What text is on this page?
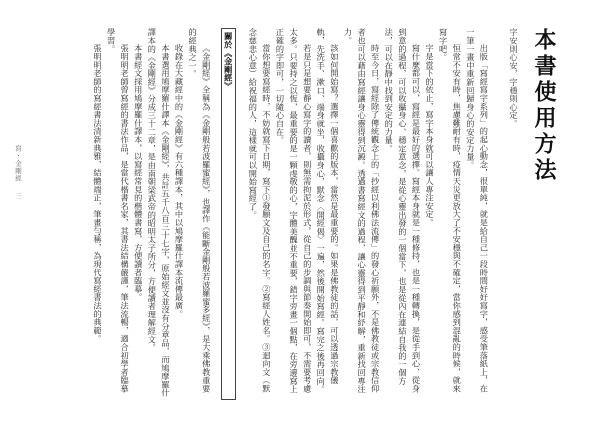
本書使用方法

字安則心安，字穩則心定。

出版「寫經寫字系列」的起心動念，很單純，就是給自己一段時間好好寫字，感受筆落紙上，在一筆一畫中重新回歸身心的安定力量。

恒常不安有時，焦慮難耐有時，疫情天災更放大了不安穩與不確定，當你感到混亂的時候，就來寫字吧。

字是當下的依止，寫字本身就可以讓人專注安定。

寫什麼都可以，寫經是最好的選擇。寫經本身就是一種修持，也是一種轉換，是從手到心、從身到意的過程，可以收攝身心、穩定意念，是從心靈出發的一個當下，也是從內在連結自我的一個方法，可以在靜中找到安定的力量。

時至今日，寫經除了傳統觀念上的「抄經以利佛法流傳」的發心祈願外，不是佛教徒或宗教信仰者也可以藉由寫經讓身心靈得到沉澱。透過書寫經文的過程，讓心靈得到平靜和紓解，重新找回專注力。

該如何開始寫？選擇一個喜歡的版本，當然是最重要的。如果是佛教徒的話，可以透過宗教儀軌，先洗手、漱口、端身就坐，收攝身心，默念〈開經偈〉一遍，然後開始寫經。寫完之後再回向。

若是只是想要靜心寫字的讀者，則無需拘泥於形式，從自己的步調與節奏開始即可，不需要考慮太多。只要持之以恆，最重要的是一顆虔敬的心，字體美醜並不重要，錯字旁畫一個點，在旁邊寫上正確的字即可，一切隨心自在。

當你想要寫經時，不妨就寫下日期，寫下①發願文及自己的名字。②寫經人姓名。③迴向文（默念慈悲心意）給祝福的人，這樣就可以開始寫經了。

關於《金剛經》

《金剛經》全稱為《金剛般若波羅蜜經》，也譯作《能斷金剛般若波羅蜜多經》，是大乘佛教重要的經典之一。

收錄在大藏經中的《金剛經》有六種譯本，其中以鳩摩羅什譯本流傳最廣。

本書選用鳩摩羅什譯本《金剛經》，共計五千八百三十七字，原始經文並沒有分章品，而鳩摩羅什譯本的《金剛經》分成三十二章，是由南朝梁武帝的昭明太子所分，方便讀者理解經文。

本書經文採用鳩摩羅什譯本，以寫經常見的楷體書寫，方便讀者臨摹。

張明明老師曾寫經的書法作品，是當代楷書名家，其書法結構嚴謹，筆法流暢，適合初學者臨摹學習。

張明明老師的寫經書法清新典雅，結體端正，筆畫勻稱，為現代寫經書法的典範。

寫・金剛經三
